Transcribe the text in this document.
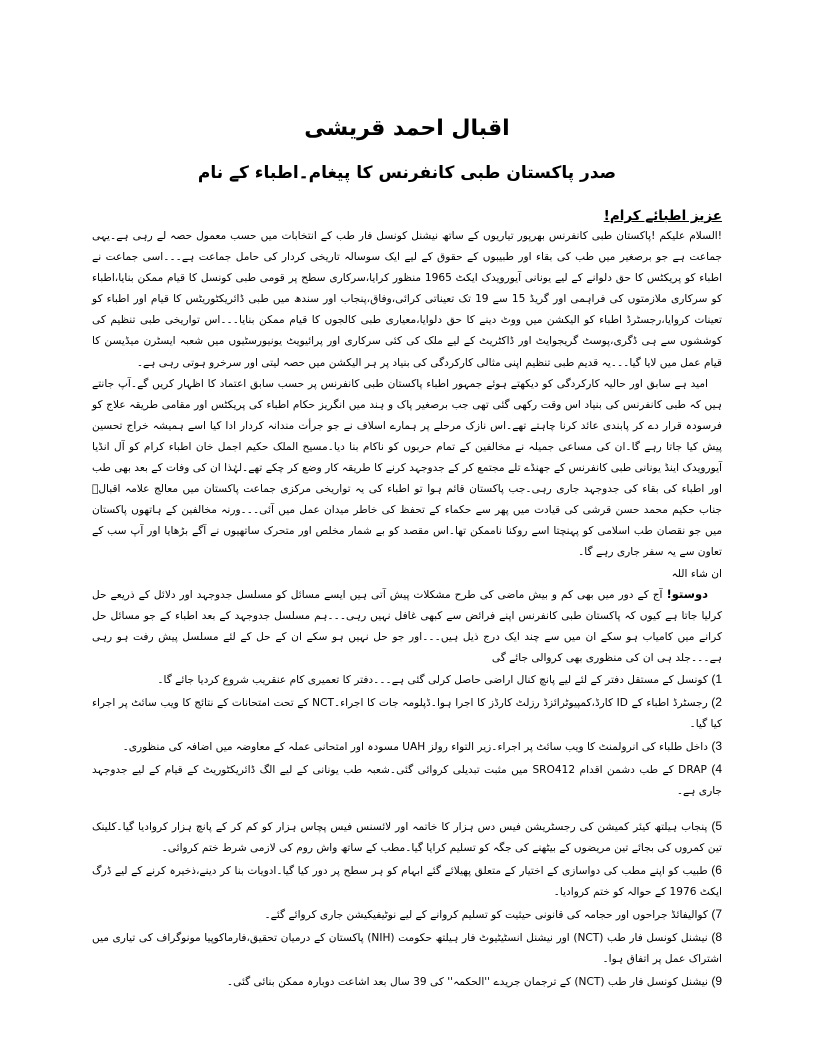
اقبال احمد قریشی
صدر پاکستان طبی کانفرنس کا پیغام۔اطباء کے نام

عزیز اطبائے کرام!

!السلام علیکم !پاکستان طبی کانفرنس بھرپور تیاریوں کے ساتھ نیشنل کونسل فار طب کے انتخابات میں حسب معمول حصہ لے رہی ہے۔یہی جماعت ہے جو برصغیر میں طب کی بقاء اور طبیبوں کے حقوق کے لیے ایک سوسالہ تاریخی کردار کی حامل جماعت ہے۔۔۔اسی جماعت نے اطباء کو پریکٹس کا حق دلوانے کے لیے یونانی آیورویدک ایکٹ 1965 منظور کرایا،سرکاری سطح پر قومی طبی کونسل کا قیام ممکن بنایا،اطباء کو سرکاری ملازمتوں کی فراہمی اور گریڈ 15 سے 19 تک تعیناتی کرائی،وفاق،پنجاب اور سندھ میں طبی ڈائریکٹوریٹس کا قیام اور اطباء کو تعینات کروایا،رجسٹرڈ اطباء کو الیکشن میں ووٹ دینے کا حق دلوایا،معیاری طبی کالجوں کا قیام ممکن بنایا۔۔۔اس تواریخی طبی تنظیم کی کوششوں سے ہی ڈگری،پوسٹ گریجوایٹ اور ڈاکٹریٹ کے لیے ملک کی کئی سرکاری اور پرائیویٹ یونیورسٹیوں میں شعبہ ایسٹرن میڈیسن کا قیام عمل میں لایا گیا۔۔۔یہ قدیم طبی تنظیم اپنی مثالی کارکردگی کی بنیاد پر ہر الیکشن میں حصہ لیتی اور سرخرو ہوتی رہی ہے۔

امید ہے سابق اور حالیہ کارکردگی کو دیکھتے ہوئے جمہور اطباء پاکستان طبی کانفرنس پر حسب سابق اعتماد کا اظہار کریں گے۔آپ جانتے ہیں کہ طبی کانفرنس کی بنیاد اس وقت رکھی گئی تھی جب برصغیر پاک و ہند میں انگریز حکام اطباء کی پریکٹس اور مقامی طریقہ علاج کو فرسودہ قرار دے کر پابندی عائد کرنا چاہتے تھے۔اس نازک مرحلے پر ہمارے اسلاف نے جو جرأت مندانہ کردار ادا کیا اسے ہمیشہ خراج تحسین پیش کیا جاتا رہے گا۔ان کی مساعی جمیلہ نے مخالفین کے تمام حربوں کو ناکام بنا دیا۔مسیح الملک حکیم اجمل خان اطباء کرام کو آل انڈیا آیورویدک اینڈ یونانی طبی کانفرنس کے جھنڈے تلے مجتمع کر کے جدوجہد کرنے کا طریقہ کار وضع کر چکے تھے۔لہٰذا ان کی وفات کے بعد بھی طب اور اطباء کی بقاء کی جدوجہد جاری رہی۔جب پاکستان قائم ہوا تو اطباء کی یہ تواریخی مرکزی جماعت پاکستان میں معالج علامہ اقبالؒ جناب حکیم محمد حسن قرشی کی قیادت میں پھر سے حکماء کے تحفظ کی خاطر میدان عمل میں آئی۔۔۔ورنہ مخالفین کے ہاتھوں پاکستان میں جو نقصان طب اسلامی کو پہنچتا اسے روکنا ناممکن تھا۔اس مقصد کو بے شمار مخلص اور متحرک ساتھیوں نے آگے بڑھایا اور آپ سب کے تعاون سے یہ سفر جاری رہے گا۔

ان شاء اللہ

دوستو! آج کے دور میں بھی کم و بیش ماضی کی طرح مشکلات پیش آتی ہیں ایسے مسائل کو مسلسل جدوجہد اور دلائل کے ذریعے حل کرلیا جاتا ہے کیوں کہ پاکستان طبی کانفرنس اپنے فرائض سے کبھی غافل نہیں رہی۔۔۔ہم مسلسل جدوجہد کے بعد اطباء کے جو مسائل حل کرانے میں کامیاب ہو سکے ان میں سے چند ایک درج ذیل ہیں۔۔۔اور جو حل نہیں ہو سکے ان کے حل کے لئے مسلسل پیش رفت ہو رہی ہے۔۔۔جلد ہی ان کی منظوری بھی کروالی جائے گی

1) کونسل کے مستقل دفتر کے لئے لیے پانچ کنال اراضی حاصل کرلی گئی ہے۔۔۔دفتر کا تعمیری کام عنقریب شروع کردیا جائے گا۔
2) رجسٹرڈ اطباء کے ID کارڈ،کمپیوٹرائزڈ رزلٹ کارڈز کا اجرا ہوا۔ڈپلومہ جات کا اجراء۔NCT کے تحت امتحانات کے نتائج کا ویب سائٹ پر اجراء کیا گیا۔
3) داخل طلباء کی انرولمنٹ کا ویب سائٹ پر اجراء۔زیر التواء رولز UAH مسودہ اور امتحانی عملہ کے معاوضہ میں اضافہ کی منظوری۔
4) DRAP کے طب دشمن اقدام SRO412 میں مثبت تبدیلی کروائی گئی۔شعبہ طب یونانی کے لیے الگ ڈائریکٹوریٹ کے قیام کے لیے جدوجہد جاری ہے۔
5) پنجاب ہیلتھ کیئر کمیشن کی رجسٹریشن فیس دس ہزار کا خاتمہ اور لائسنس فیس پچاس ہزار کو کم کر کے پانچ ہزار کروادیا گیا۔کلینک تین کمروں کی بجائے تین مریضوں کے بیٹھنے کی جگہ کو تسلیم کرایا گیا۔مطب کے ساتھ واش روم کی لازمی شرط ختم کروائی۔
6) طبیب کو اپنے مطب کی دواسازی کے اختیار کے متعلق پھیلائے گئے ابہام کو ہر سطح پر دور کیا گیا۔ادویات بنا کر دینے،ذخیرہ کرنے کے لیے ڈرگ ایکٹ 1976 کے حوالہ کو ختم کروادیا۔
7) کوالیفائڈ جراحوں اور حجامہ کی قانونی حیثیت کو تسلیم کروانے کے لیے نوٹیفیکیشن جاری کروائے گئے۔
8) نیشنل کونسل فار طب (NCT) اور نیشنل انسٹیٹیوٹ فار ہیلتھ حکومت (NIH) پاکستان کے درمیان تحقیق،فارماکوپیا مونوگراف کی تیاری میں اشتراک عمل پر اتفاق ہوا۔
9) نیشنل کونسل فار طب (NCT) کے ترجمان جریدے ''الحکمہ'' کی 39 سال بعد اشاعت دوبارہ ممکن بنائی گئی۔
